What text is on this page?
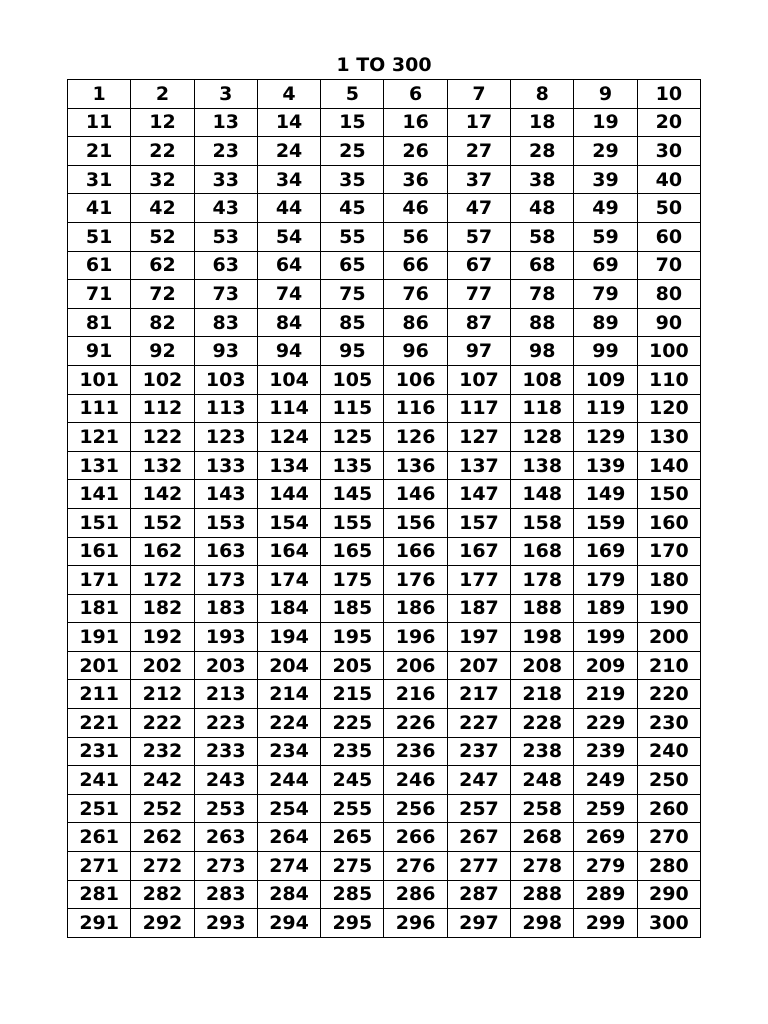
1 TO 300
1	2	3	4	5	6	7	8	9	10
11	12	13	14	15	16	17	18	19	20
21	22	23	24	25	26	27	28	29	30
31	32	33	34	35	36	37	38	39	40
41	42	43	44	45	46	47	48	49	50
51	52	53	54	55	56	57	58	59	60
61	62	63	64	65	66	67	68	69	70
71	72	73	74	75	76	77	78	79	80
81	82	83	84	85	86	87	88	89	90
91	92	93	94	95	96	97	98	99	100
101	102	103	104	105	106	107	108	109	110
111	112	113	114	115	116	117	118	119	120
121	122	123	124	125	126	127	128	129	130
131	132	133	134	135	136	137	138	139	140
141	142	143	144	145	146	147	148	149	150
151	152	153	154	155	156	157	158	159	160
161	162	163	164	165	166	167	168	169	170
171	172	173	174	175	176	177	178	179	180
181	182	183	184	185	186	187	188	189	190
191	192	193	194	195	196	197	198	199	200
201	202	203	204	205	206	207	208	209	210
211	212	213	214	215	216	217	218	219	220
221	222	223	224	225	226	227	228	229	230
231	232	233	234	235	236	237	238	239	240
241	242	243	244	245	246	247	248	249	250
251	252	253	254	255	256	257	258	259	260
261	262	263	264	265	266	267	268	269	270
271	272	273	274	275	276	277	278	279	280
281	282	283	284	285	286	287	288	289	290
291	292	293	294	295	296	297	298	299	300
